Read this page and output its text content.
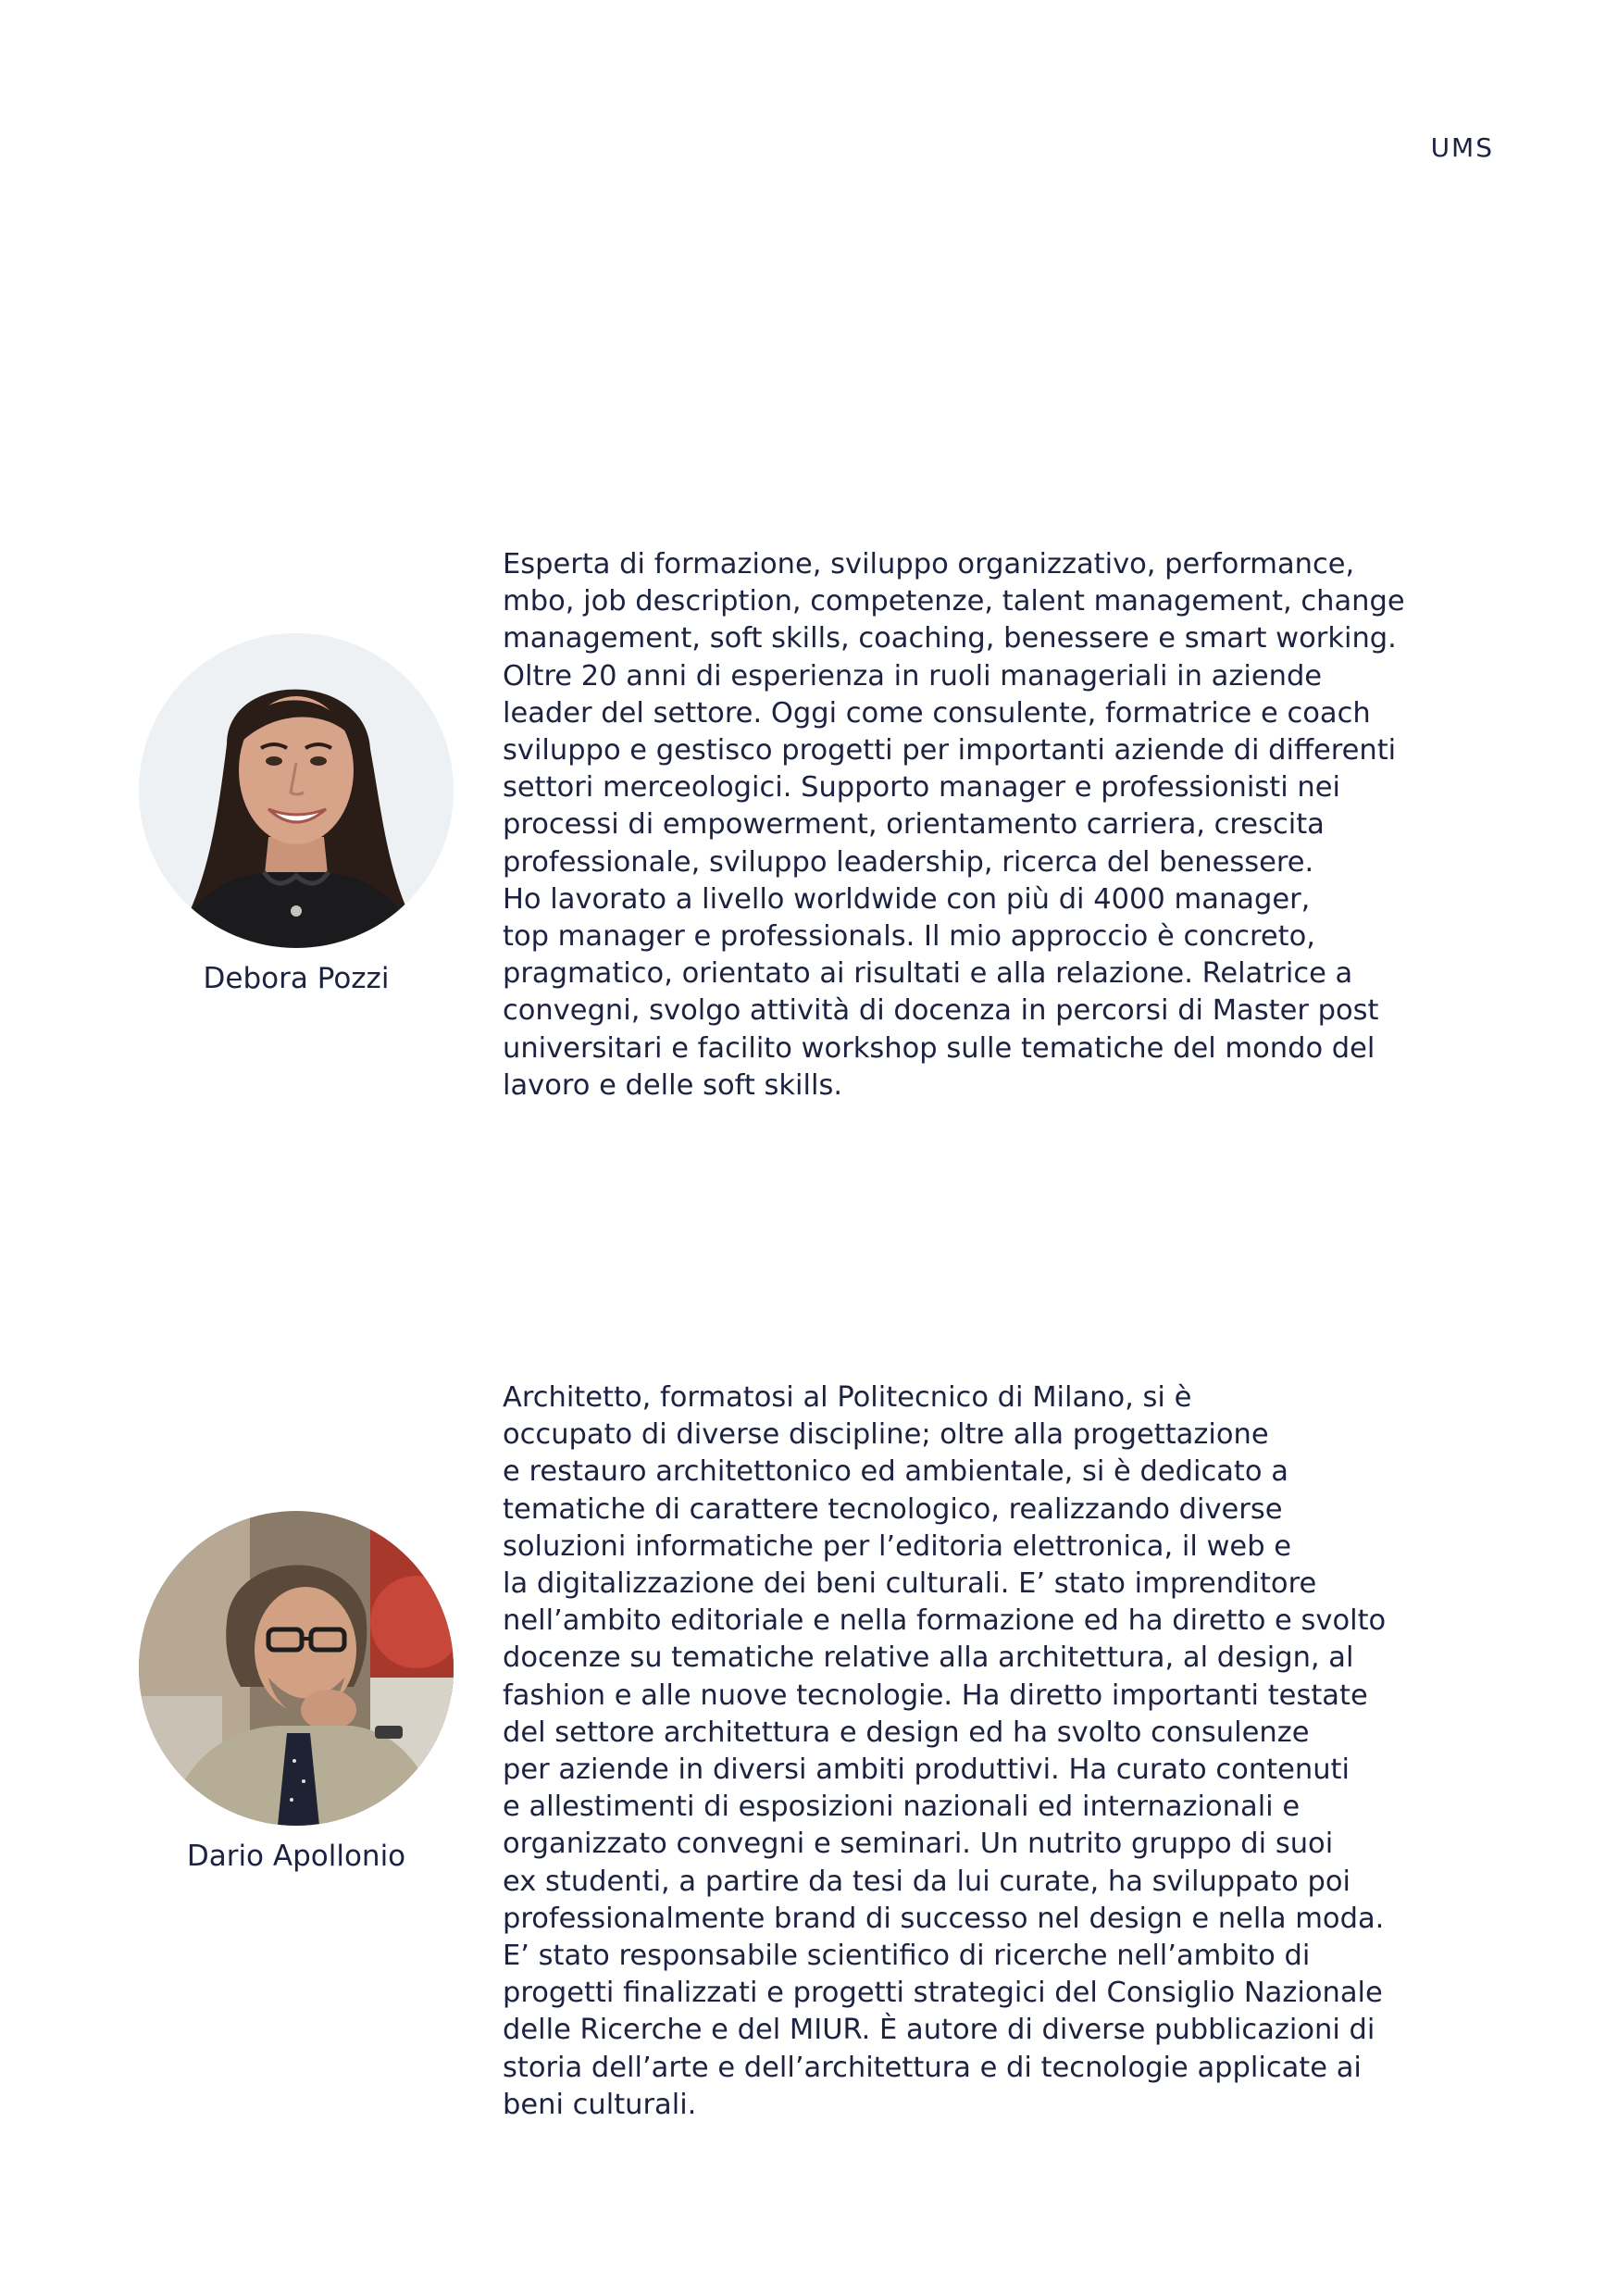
UMS
Debora Pozzi
Esperta di formazione, sviluppo organizzativo, performance,
mbo, job description, competenze, talent management, change
management, soft skills, coaching, benessere e smart working.
Oltre 20 anni di esperienza in ruoli manageriali in aziende
leader del settore. Oggi come consulente, formatrice e coach
sviluppo e gestisco progetti per importanti aziende di differenti
settori merceologici. Supporto manager e professionisti nei
processi di empowerment, orientamento carriera, crescita
professionale, sviluppo leadership, ricerca del benessere.
Ho lavorato a livello worldwide con più di 4000 manager,
top manager e professionals. Il mio approccio è concreto,
pragmatico, orientato ai risultati e alla relazione. Relatrice a
convegni, svolgo attività di docenza in percorsi di Master post
universitari e facilito workshop sulle tematiche del mondo del
lavoro e delle soft skills.
Dario Apollonio
Architetto, formatosi al Politecnico di Milano, si è
occupato di diverse discipline; oltre alla progettazione
e restauro architettonico ed ambientale, si è dedicato a
tematiche di carattere tecnologico, realizzando diverse
soluzioni informatiche per l’editoria elettronica, il web e
la digitalizzazione dei beni culturali. E’ stato imprenditore
nell’ambito editoriale e nella formazione ed ha diretto e svolto
docenze su tematiche relative alla architettura, al design, al
fashion e alle nuove tecnologie. Ha diretto importanti testate
del settore architettura e design ed ha svolto consulenze
per aziende in diversi ambiti produttivi. Ha curato contenuti
e allestimenti di esposizioni nazionali ed internazionali e
organizzato convegni e seminari. Un nutrito gruppo di suoi
ex studenti, a partire da tesi da lui curate, ha sviluppato poi
professionalmente brand di successo nel design e nella moda.
E’ stato responsabile scientifico di ricerche nell’ambito di
progetti finalizzati e progetti strategici del Consiglio Nazionale
delle Ricerche e del MIUR. È autore di diverse pubblicazioni di
storia dell’arte e dell’architettura e di tecnologie applicate ai
beni culturali.
